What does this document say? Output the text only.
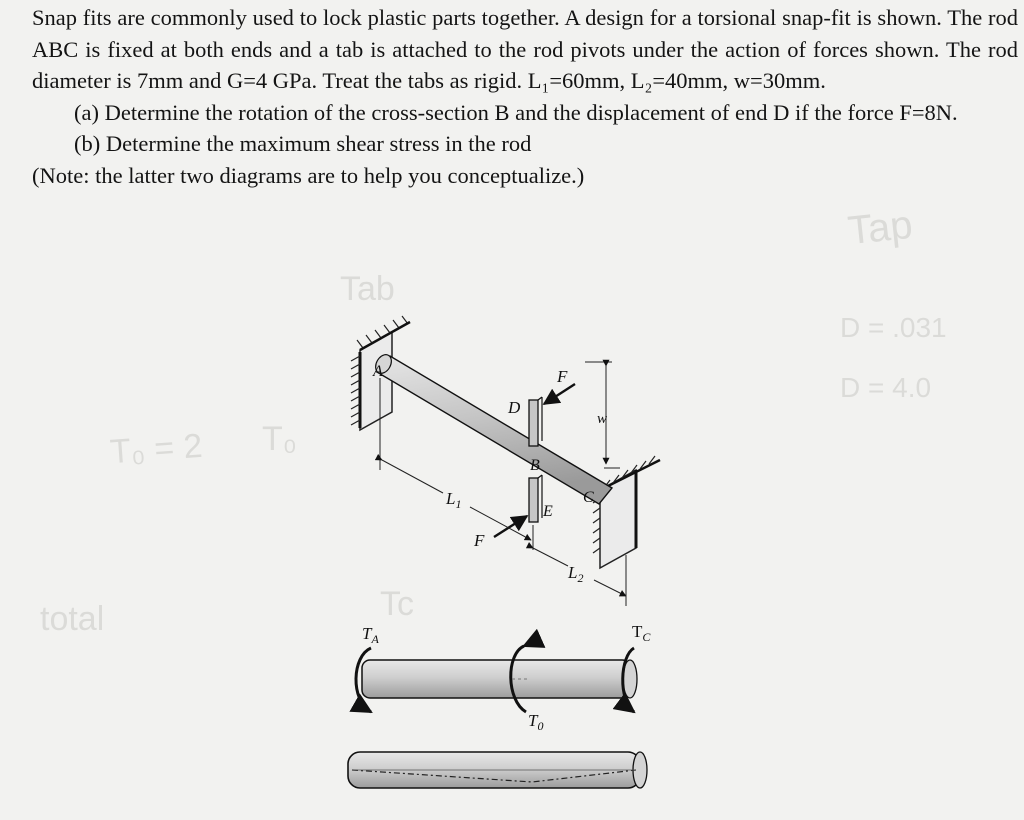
Tap
T₀
T₀ = 2
Tab
D = .031
D = 4.0
Tc
total

Snap fits are commonly used to lock plastic parts together. A design for a torsional snap-fit is shown. The rod ABC is fixed at both ends and a tab is attached to the rod pivots under the action of forces shown. The rod diameter is 7mm and G=4 GPa. Treat the tabs as rigid. L₁=60mm, L₂=40mm, w=30mm.

(a) Determine the rotation of the cross-section B and the displacement of end D if the force F=8N.

(b) Determine the maximum shear stress in the rod

(Note: the latter two diagrams are to help you conceptualize.)

A
D
B
C
E
F
F
w
$L_1$
$L_2$
$T_A$	$T_C$
$T_0$
